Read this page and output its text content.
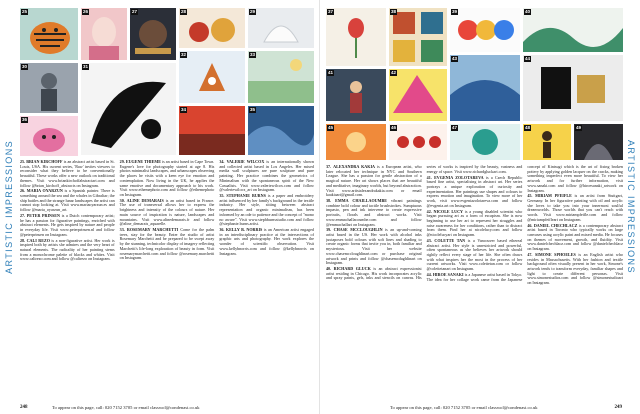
ARTISTIC IMPRESSIONS	ARTISTIC IMPRESSIONS
25	26	27	28	29
30	31
32	33
34	35
36

25. BRIAN KIRCHOFF is an abstract artist based in St. Louis, USA. His current series, 'Raw' invites viewers to reconsider what they believe to be conventionally beautiful. These works offer a new outlook on traditional themes. Visit www.briankirchoffabstractart.com and follow @brian_kirchoff_abstracts on Instagram.

26. MARIA OYARZUN is a Spanish painter. There is something around the sea and the whales in Gibraltar; the ship battles and the strange lunar landscapes the artist can cannot stop looking at. Visit www.mariaoyarzun.es and follow @maria_oyarzun_art.

27. PETER PRINSEN is a Dutch contemporary artist; he has a passion for figurative paintings, enriched with abstract elements. He gets inspired by nature and people in everyday life. Visit www.peterprinsen.nl and follow @peterprinsen on Instagram.

28. CALI REZO is a non-figurative artist. Her work is inspired both by artists she admires and the very heart of natural elements. The radicality of her painting stems from a monochrome palette of blacks and whites. Visit www.calirezo.com and follow @calirezo on Instagram.

29. EUGENE THIEME is an artist based in Cape Town. Eugene's love for photography started at age 8. His photos minimalist landscapes, and urbanscapes observing the places he visits with a keen eye for emotion and contemplation. Now living in the UK, he applies the same emotive and documentary approach to his work. Visit www.ethemephoto.com and follow @ethemephoto on Instagram.

30. ALINE DEMARAIS is an artist based in France. The use of transversal allows her to express the brightness and intensity of the colours of nature. Her main source of inspiration is nature, landscapes and mountains. Visit www.alinedemarais.fr and follow @aline_demarais_aquarelle.

33. ROSEMARY MARCHETTI Come for the palm trees, stay for the beauty. Enter the studio of artist Rosemary Marchetti and be prepared to be swept away by the stunning, technicolor display of imagery reflecting Marchetti's life-long exploration of beauty in form. Visit rosemarymarchetti.com and follow @rosemary.marchetti on Instagram.

34. VALERIE WILCOX is an internationally shown and collected artist based in Los Angeles. Her mixed media wall sculptures are pure sculpture and pure painting. Her practice combines the geometrics of Minimalism with the spontaneous spirit of the New Casualists. Visit www.valeriewilcox.com and follow @valeriewilcox_art on Instagram.

35. STEPHANIE BURNS is a paper and embroidery artist influenced by her family's background in the textile industry. Her style, sitting between abstract representation and organic minimalism, has been informed by an ode to patience and the concept of "mono no aware". Visit www.stephburnsstudio.com and follow @stephanie.burns.artist.

36. KELLY B. NORRIS is an American artist engaged in an interdisciplinary practice at the intersections of graphic arts and photography. Her work explores the wonder of scientific observation. Visit www.kellybnorris.com and follow @kellybnorris on Instagram.

37	38	39	40
41	42
43	44
45	46	47	48	49

37. ALEXANDRA KAKIA is a European artist, who later relocated her technique in NYC and Southern League. She has a passion for gentle abstraction of a magical nature. Her art shows places that are beautiful and meditative, imaginary worlds, but beyond abstraction. Visit www.artistalexandrakakia.com or email kaakiaart@gmail.com.

38. EMMA CHAILLAOUMBE vibrant paintings combine bold colour and tactile brushstrokes. Sumptuous impasto, pen and ink intervene to create expressive portraits, florals and abstract works. Visit www.emmachallacoumbe.com and follow @emmachallart on Instagram.

39. CHASE MCCLOUGHLIN is an up-and-coming artist based in the US. Her work with alcohol inks juxtaposes bold colours with soft lines and shading to create organic forms that invite you in, both familiar and mysterious. Visit her website www.chasemccloughlinart.com or purchase original artwork and prints and follow @chasemcdughlinart on Instagram.

40. RICHARD GLUCK is an abstract expressionist artist residing in Chicago. His work incorporates acrylic and spray paints, gels, inks and stencils on canvas. His series of works is inspired by the beauty, vastness and energy of space. Visit www.richardgluckart.com.

41. EVGENIA ZOLOTAREVA is a Czech Republic based fine artist, specialising in abstract art. Her series portrays a unique exploration of curiosity and experimentation. Her paintings use shapes and colours to express emotion and imagination. To view more of her work, visit www.evgeniazolotareva.com and follow @evgenia.art on Instagram.

42. NICOLE LUCY is a young disabled scientist who began pursuing art as a form of escapism. She is now beginning to use her art to represent her struggles and raise awareness for her conditions, rather than to distract from them. Find her at nicolelucy.com and follow @nicolelucyart on Instagram.

43. COLETTE TAN is a Vancouver based ethereal abstract artist. Her style is unrestricted and powerful, often spontaneous as she believes her artwork should rightly reflect every stage of her life. She often draws with what inspires her the most in the process of her current artworks. Visit www.colettetan.com or follow @colettetanart on Instagram.

44. HIROE SANAKI is a Japanese artist based in Tokyo. The idea for her collage work came from the Japanese concept of Kintsugi which is the art of fixing broken pottery by applying golden lacquer on the cracks, making something imperfect even more beautiful. To view her artwork and for further information, visit www.sanaki.com and follow @hiroesanaki_artwork on Instagram.

45. MIRIAM PFEIFLE is an artist from Stuttgart, Germany. In her figurative painting with oil and acrylic she loves to take you into your innermost soulful dreamworlds. Those worlds that you can't reach with words. Visit www.miriampfeifle.com and follow @miriampfeifleart on Instagram.

46. DANIEL CHECHLACZ is a contemporary abstract artist based in Toronto who typically works on large canvases using acrylic paint and mixed media. He focuses on themes of movement, growth, and fluidity. Visit www.danielchechlacz.com and follow @danielchechlacz on Instagram.

47. SIMONE SPHOELES is an English artist who resides in Massachusetts. With her fashion and textile background often visually present in her work, Simone's artwork tends to transform everyday, familiar shapes and light to create different personas. Visit www.simonestudios.com and follow @simonestudioart on Instagram.

248	To appear on this page, call: 020 7152 3705 or email classwol@condenast.co.uk	To appear on this page, call: 020 7152 3705 or email classwol@condenast.co.uk	249
